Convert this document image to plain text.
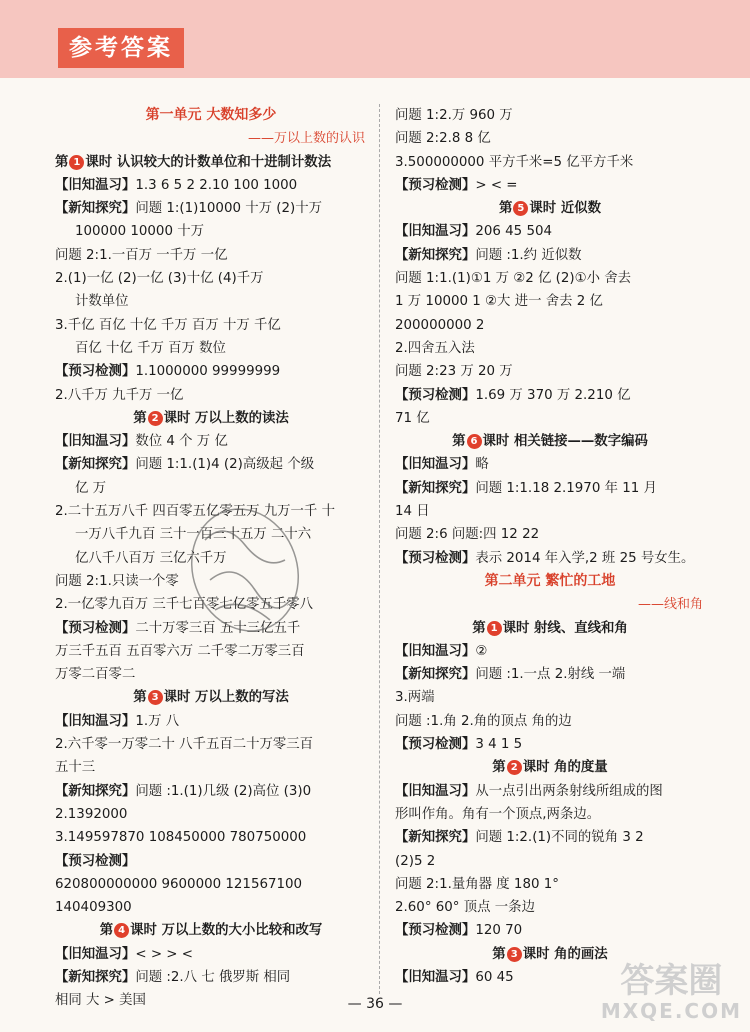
参考答案
第一单元 大数知多少
——万以上数的认识
第 1 课时 认识较大的计数单位和十进制计数法
【旧知温习】1.3 6 5 2 2.10 100 1000
【新知探究】问题 1:(1)10000 十万 (2)十万
100000 10000 十万
问题 2:1.一百万 一千万 一亿
2.(1)一亿 (2)一亿 (3)十亿 (4)千万
计数单位
3.千亿 百亿 十亿 千万 百万 十万 千亿
百亿 十亿 千万 百万 数位
【预习检测】1.1000000 99999999
2.八千万 九千万 一亿
第 2 课时 万以上数的读法
【旧知温习】数位 4 个 万 亿
【新知探究】问题 1:1.(1)4 (2)高级起 个级
亿 万
2.二十五万八千 四百零五亿零五万 九万一千 十
一万八千九百 三十一百三十五万 二十六
亿八千八百万 三亿六千万
问题 2:1.只读一个零
2.一亿零九百万 三千七百零七亿零五千零八
【预习检测】二十万零三百 五十三亿五千
万三千五百 五百零六万 二千零二万零三百
万零二百零二
第 3 课时 万以上数的写法
【旧知温习】1.万 八
2.六千零一万零二十 八千五百二十万零三百
五十三
【新知探究】问题 :1.(1)几级 (2)高位 (3)0
2.1392000
3.149597870 108450000 780750000
【预习检测】
620800000000 9600000 121567100
140409300
第 4 课时 万以上数的大小比较和改写
【旧知温习】< > > <
【新知探究】问题 :2.八 七 俄罗斯 相同
相同 大 > 美国
问题 1:2.万 960 万
问题 2:2.8 8 亿
3.500000000 平方千米=5 亿平方千米
【预习检测】> < =
第 5 课时 近似数
【旧知温习】206 45 504
【新知探究】问题 :1.约 近似数
问题 1:1.(1)①1 万 ②2 亿 (2)①小 舍去
1 万 10000 1 ②大 进一 舍去 2 亿
200000000 2
2.四舍五入法
问题 2:23 万 20 万
【预习检测】1.69 万 370 万 2.210 亿
71 亿
第 6 课时 相关链接——数字编码
【旧知温习】略
【新知探究】问题 1:1.18 2.1970 年 11 月
14 日
问题 2:6 问题:四 12 22
【预习检测】表示 2014 年入学,2 班 25 号女生。
第二单元 繁忙的工地
——线和角
第 1 课时 射线、直线和角
【旧知温习】②
【新知探究】问题 :1.一点 2.射线 一端
3.两端
问题 :1.角 2.角的顶点 角的边
【预习检测】3 4 1 5
第 2 课时 角的度量
【旧知温习】从一点引出两条射线所组成的图
形叫作角。角有一个顶点,两条边。
【新知探究】问题 1:2.(1)不同的锐角 3 2
(2)5 2
问题 2:1.量角器 度 180 1°
2.60° 60° 顶点 一条边
【预习检测】120 70
第 3 课时 角的画法
【旧知温习】60 45
— 36 —
答案圈
MXQE.COM
